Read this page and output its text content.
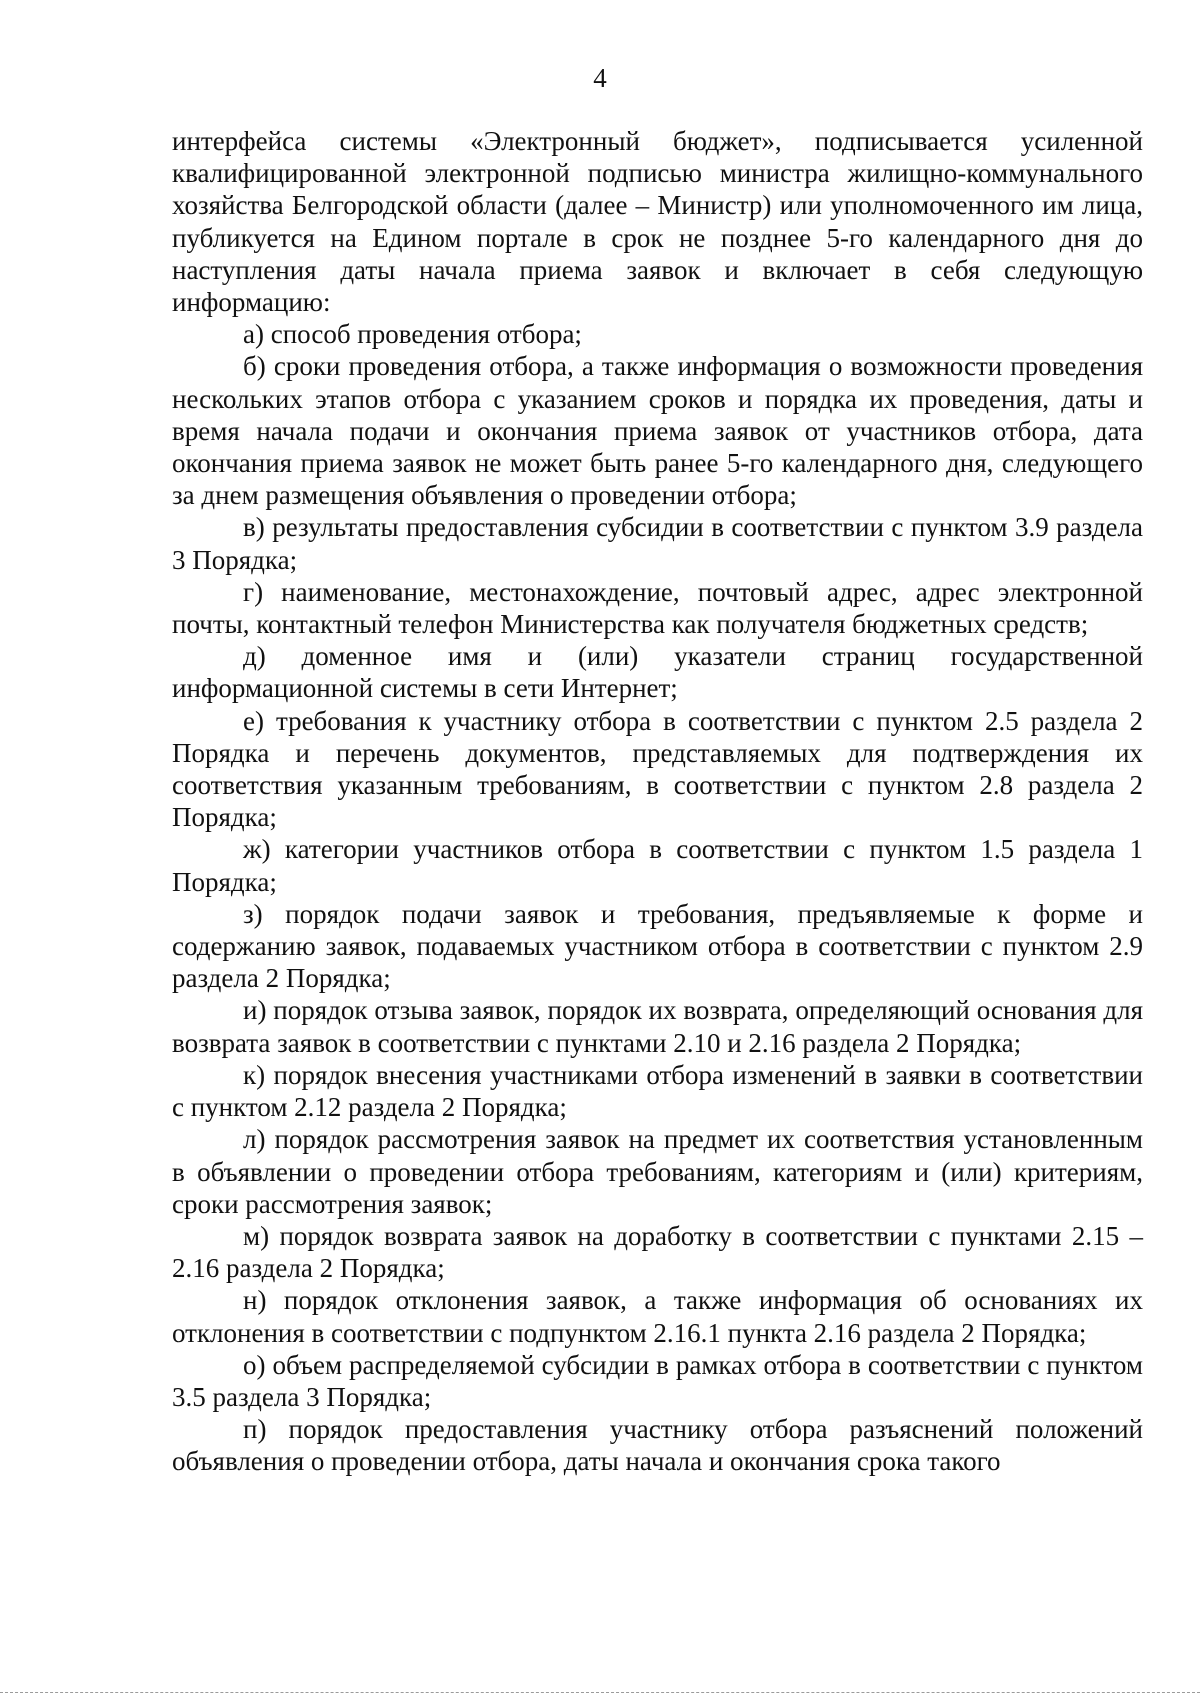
4

интерфейса системы «Электронный бюджет», подписывается усиленной квалифицированной электронной подписью министра жилищно-коммунального хозяйства Белгородской области (далее – Министр) или уполномоченного им лица, публикуется на Едином портале в срок не позднее 5-го календарного дня до наступления даты начала приема заявок и включает в себя следующую информацию:

а) способ проведения отбора;

б) сроки проведения отбора, а также информация о возможности проведения нескольких этапов отбора с указанием сроков и порядка их проведения, даты и время начала подачи и окончания приема заявок от участников отбора, дата окончания приема заявок не может быть ранее 5-го календарного дня, следующего за днем размещения объявления о проведении отбора;

в) результаты предоставления субсидии в соответствии с пунктом 3.9 раздела 3 Порядка;

г) наименование, местонахождение, почтовый адрес, адрес электронной почты, контактный телефон Министерства как получателя бюджетных средств;

д) доменное имя и (или) указатели страниц государственной информационной системы в сети Интернет;

е) требования к участнику отбора в соответствии с пунктом 2.5 раздела 2 Порядка и перечень документов, представляемых для подтверждения их соответствия указанным требованиям, в соответствии с пунктом 2.8 раздела 2 Порядка;

ж) категории участников отбора в соответствии с пунктом 1.5 раздела 1 Порядка;

з) порядок подачи заявок и требования, предъявляемые к форме и содержанию заявок, подаваемых участником отбора в соответствии с пунктом 2.9 раздела 2 Порядка;

и) порядок отзыва заявок, порядок их возврата, определяющий основания для возврата заявок в соответствии с пунктами 2.10 и 2.16 раздела 2 Порядка;

к) порядок внесения участниками отбора изменений в заявки в соответствии с пунктом 2.12 раздела 2 Порядка;

л) порядок рассмотрения заявок на предмет их соответствия установленным в объявлении о проведении отбора требованиям, категориям и (или) критериям, сроки рассмотрения заявок;

м) порядок возврата заявок на доработку в соответствии с пунктами 2.15 – 2.16 раздела 2 Порядка;

н) порядок отклонения заявок, а также информация об основаниях их отклонения в соответствии с подпунктом 2.16.1 пункта 2.16 раздела 2 Порядка;

о) объем распределяемой субсидии в рамках отбора в соответствии с пунктом 3.5 раздела 3 Порядка;

п) порядок предоставления участнику отбора разъяснений положений объявления о проведении отбора, даты начала и окончания срока такого
